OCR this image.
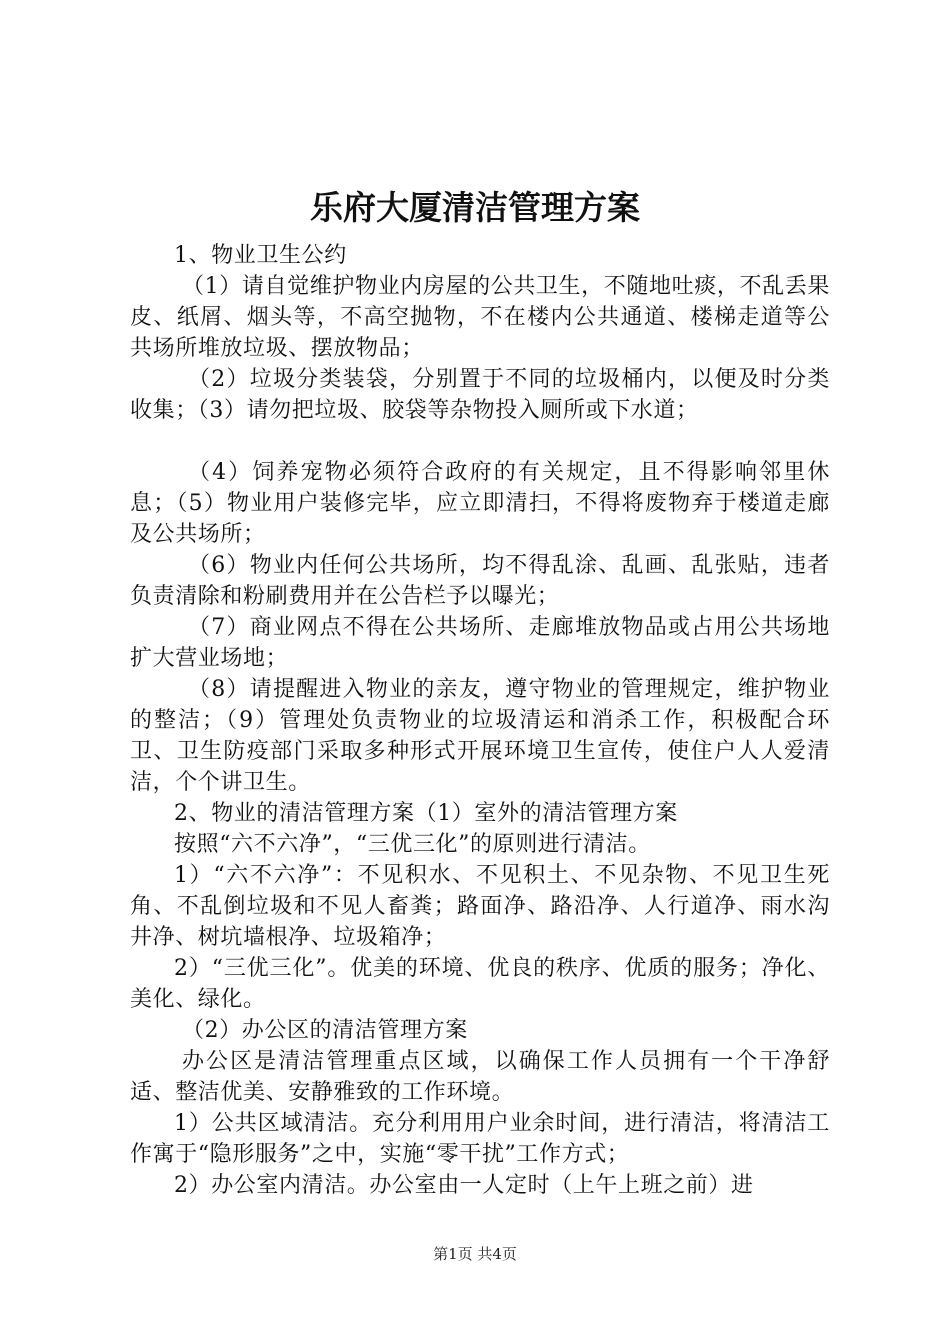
乐府大厦清洁管理方案

1、物业卫生公约

（1）请自觉维护物业内房屋的公共卫生，不随地吐痰，不乱丢果皮、纸屑、烟头等，不高空抛物，不在楼内公共通道、楼梯走道等公共场所堆放垃圾、摆放物品；

（2）垃圾分类装袋，分别置于不同的垃圾桶内，以便及时分类收集；（3）请勿把垃圾、胶袋等杂物投入厕所或下水道；

（4）饲养宠物必须符合政府的有关规定，且不得影响邻里休息；（5）物业用户装修完毕，应立即清扫，不得将废物弃于楼道走廊及公共场所；

（6）物业内任何公共场所，均不得乱涂、乱画、乱张贴，违者负责清除和粉刷费用并在公告栏予以曝光；

（7）商业网点不得在公共场所、走廊堆放物品或占用公共场地扩大营业场地；

（8）请提醒进入物业的亲友，遵守物业的管理规定，维护物业的整洁；（9）管理处负责物业的垃圾清运和消杀工作，积极配合环卫、卫生防疫部门采取多种形式开展环境卫生宣传，使住户人人爱清洁，个个讲卫生。

2、物业的清洁管理方案（1）室外的清洁管理方案

按照“六不六净”，“三优三化”的原则进行清洁。

1）“六不六净”：不见积水、不见积土、不见杂物、不见卫生死角、不乱倒垃圾和不见人畜粪；路面净、路沿净、人行道净、雨水沟井净、树坑墙根净、垃圾箱净；

2）“三优三化”。优美的环境、优良的秩序、优质的服务；净化、美化、绿化。

（2）办公区的清洁管理方案

办公区是清洁管理重点区域，以确保工作人员拥有一个干净舒适、整洁优美、安静雅致的工作环境。

1）公共区域清洁。充分利用用户业余时间，进行清洁，将清洁工作寓于“隐形服务”之中，实施“零干扰”工作方式；

2）办公室内清洁。办公室由一人定时（上午上班之前）进

第1页 共4页
